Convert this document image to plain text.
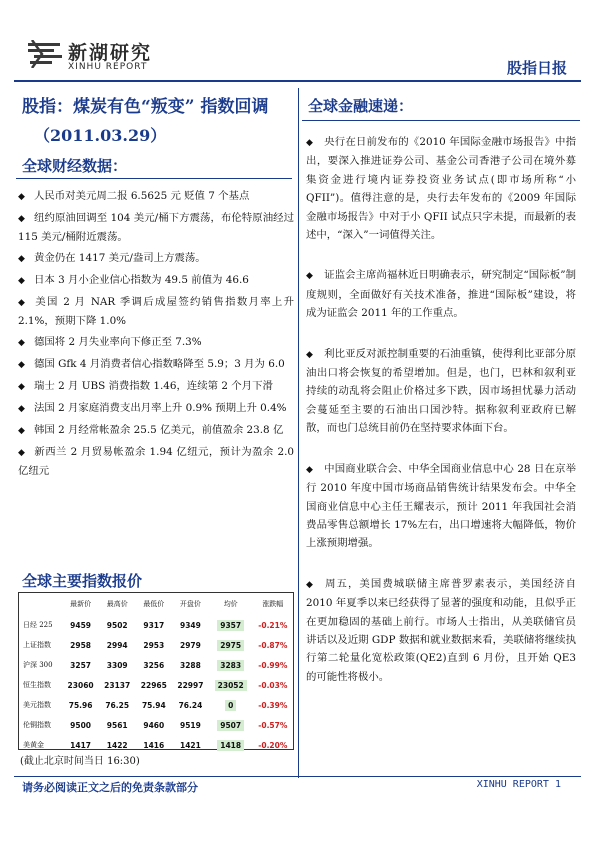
新湖研究
XINHU REPORT	股指日报
股指：煤炭有色“叛变” 指数回调
（2011.03.29）
全球财经数据：
◆ 人民币对美元周二报 6.5625 元 贬值 7 个基点
◆ 纽约原油回调至 104 美元/桶下方震荡，布伦特原油经过 115 美元/桶附近震荡。
◆ 黄金仍在 1417 美元/盎司上方震荡。
◆ 日本 3 月小企业信心指数为 49.5 前值为 46.6
◆ 美国 2 月 NAR 季调后成屋签约销售指数月率上升 2.1%，预期下降 1.0%
◆ 德国将 2 月失业率向下修正至 7.3%
◆ 德国 Gfk 4 月消费者信心指数略降至 5.9；3 月为 6.0
◆ 瑞士 2 月 UBS 消费指数 1.46，连续第 2 个月下滑
◆ 法国 2 月家庭消费支出月率上升 0.9% 预期上升 0.4%
◆ 韩国 2 月经常帐盈余 25.5 亿美元，前值盈余 23.8 亿
◆ 新西兰 2 月贸易帐盈余 1.94 亿纽元，预计为盈余 2.0 亿纽元
全球主要指数报价
	最新价	最高价	最低价	开盘价	均价	涨跌幅
日经 225	9459	9502	9317	9349	9357	-0.21%
上证指数	2958	2994	2953	2979	2975	-0.87%
沪深 300	3257	3309	3256	3288	3283	-0.99%
恒生指数	23060	23137	22965	22997	23052	-0.03%
美元指数	75.96	76.25	75.94	76.24	0	-0.39%
伦铜指数	9500	9561	9460	9519	9507	-0.57%
美黄金	1417	1422	1416	1421	1418	-0.20%
(截止北京时间当日 16:30)
全球金融速递：
◆ 央行在日前发布的《2010 年国际金融市场报告》中指出，要深入推进证券公司、基金公司香港子公司在境外募集资金进行境内证券投资业务试点(即市场所称“小 QFII”)。值得注意的是，央行去年发布的《2009 年国际金融市场报告》中对于小 QFII 试点只字未提，而最新的表述中，“深入”一词值得关注。
◆ 证监会主席尚福林近日明确表示，研究制定“国际板”制度规则，全面做好有关技术准备，推进“国际板”建设，将成为证监会 2011 年的工作重点。
◆ 利比亚反对派控制重要的石油重镇，使得利比亚部分原油出口将会恢复的希望增加。但是，也门，巴林和叙利亚持续的动乱将会阻止价格过多下跌，因市场担忧暴力活动会蔓延至主要的石油出口国沙特。据称叙利亚政府已解散，而也门总统目前仍在坚持要求体面下台。
◆ 中国商业联合会、中华全国商业信息中心 28 日在京举行 2010 年度中国市场商品销售统计结果发布会。中华全国商业信息中心主任王耀表示，预计 2011 年我国社会消费品零售总额增长 17%左右，出口增速将大幅降低，物价上涨预期增强。
◆ 周五，美国费城联储主席普罗素表示，美国经济自 2010 年夏季以来已经获得了显著的强度和动能，且似乎正在更加稳固的基础上前行。市场人士指出，从美联储官员讲话以及近期 GDP 数据和就业数据来看，美联储将继续执行第二轮量化宽松政策(QE2)直到 6 月份，且开始 QE3 的可能性将极小。
请务必阅读正文之后的免责条款部分	XINHU REPORT 1
